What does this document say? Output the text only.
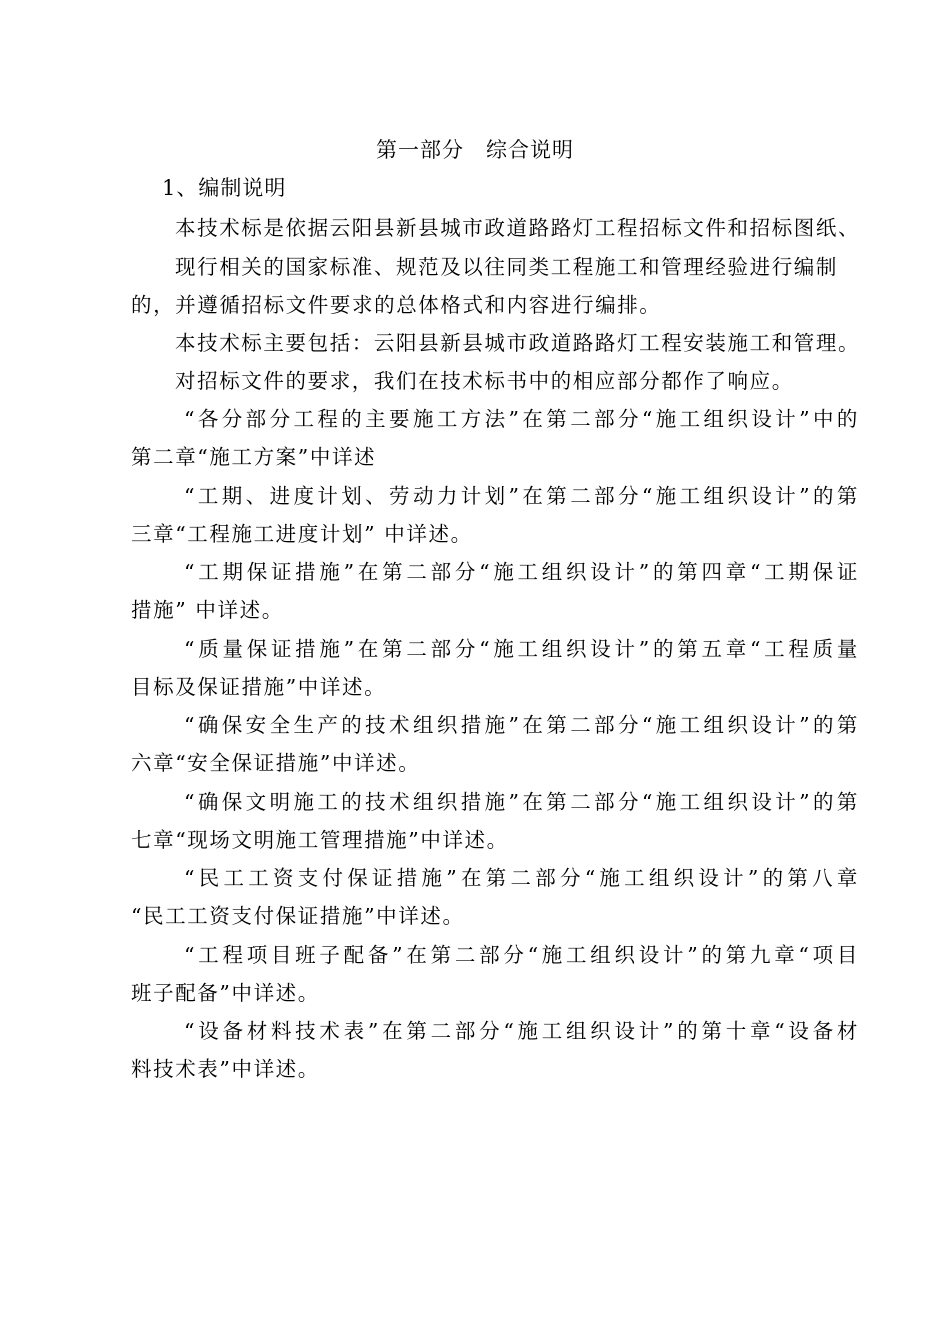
第一部分　综合说明
1、编制说明
本技术标是依据云阳县新县城市政道路路灯工程招标文件和招标图纸、
现行相关的国家标准、规范及以往同类工程施工和管理经验进行编制
的，并遵循招标文件要求的总体格式和内容进行编排。
本技术标主要包括：云阳县新县城市政道路路灯工程安装施工和管理。
对招标文件的要求，我们在技术标书中的相应部分都作了响应。
“各分部分工程的主要施工方法”在第二部分“施工组织设计”中的
第二章“施工方案”中详述
“工期、进度计划、劳动力计划”在第二部分“施工组织设计”的第
三章“工程施工进度计划” 中详述。
“工期保证措施”在第二部分“施工组织设计”的第四章“工期保证
措施” 中详述。
“质量保证措施”在第二部分“施工组织设计”的第五章“工程质量
目标及保证措施”中详述。
“确保安全生产的技术组织措施”在第二部分“施工组织设计”的第
六章“安全保证措施”中详述。
“确保文明施工的技术组织措施”在第二部分“施工组织设计”的第
七章“现场文明施工管理措施”中详述。
“民工工资支付保证措施”在第二部分“施工组织设计”的第八章
“民工工资支付保证措施”中详述。
“工程项目班子配备”在第二部分“施工组织设计”的第九章“项目
班子配备”中详述。
“设备材料技术表”在第二部分“施工组织设计”的第十章“设备材
料技术表”中详述。
